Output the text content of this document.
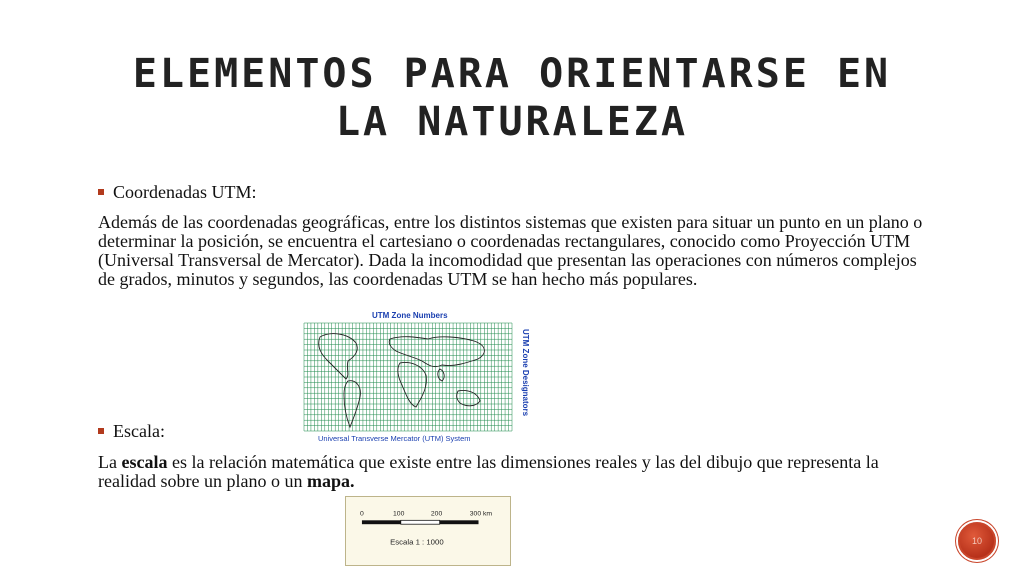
ELEMENTOS PARA ORIENTARSE EN LA NATURALEZA
Coordenadas UTM:
Además de las coordenadas geográficas, entre los distintos sistemas que existen para situar un punto en un plano o determinar la posición, se encuentra el cartesiano o coordenadas rectangulares, conocido como Proyección UTM (Universal Transversal de Mercator). Dada la incomodidad que presentan las operaciones con números complejos de grados, minutos y segundos, las coordenadas UTM se han hecho más populares.
UTM Zone Numbers
UTM Zone Designators
Universal Transverse Mercator (UTM) System
Escala:
La escala es la relación matemática que existe entre las dimensiones reales y las del dibujo que representa la realidad sobre un plano o un mapa.
0	100	200	300 km
Escala 1 : 1000	10
